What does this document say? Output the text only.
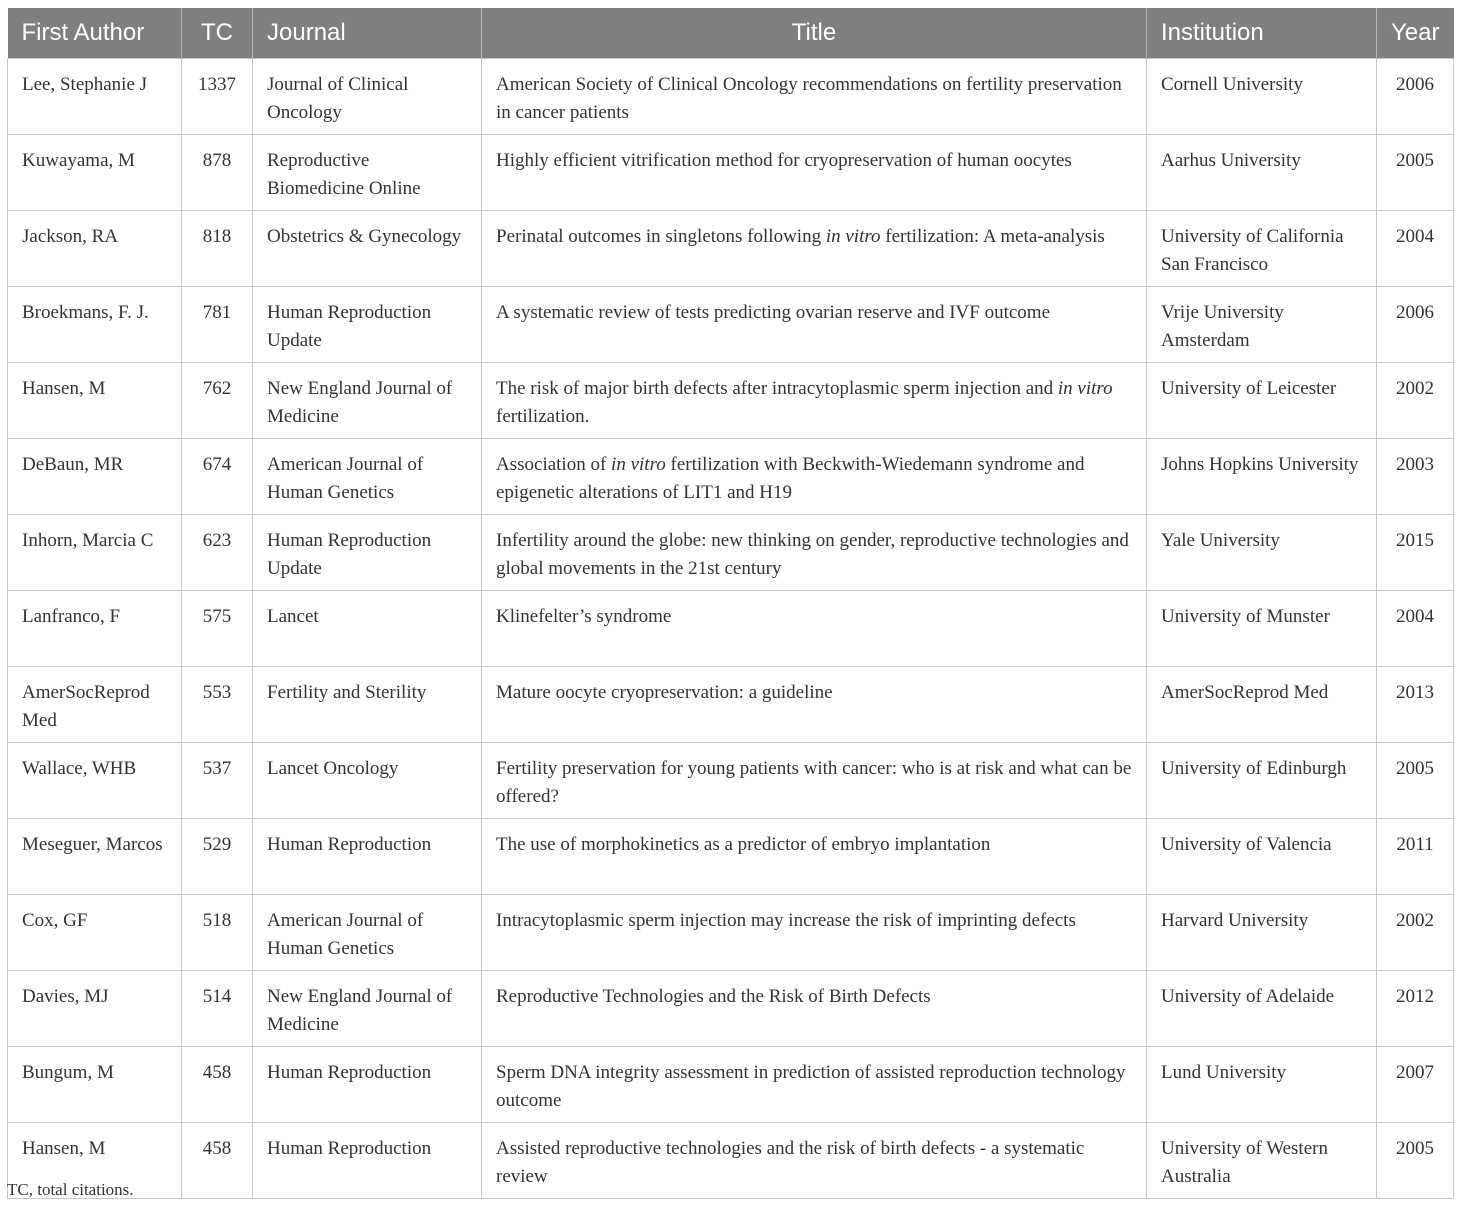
First Author	TC	Journal	Title	Institution	Year
Lee, Stephanie J	1337	Journal of Clinical Oncology	American Society of Clinical Oncology recommendations on fertility preservation in cancer patients	Cornell University	2006
Kuwayama, M	878	Reproductive Biomedicine Online	Highly efficient vitrification method for cryopreservation of human oocytes	Aarhus University	2005
Jackson, RA	818	Obstetrics & Gynecology	Perinatal outcomes in singletons following in vitro fertilization: A meta-analysis	University of California San Francisco	2004
Broekmans, F. J.	781	Human Reproduction Update	A systematic review of tests predicting ovarian reserve and IVF outcome	Vrije University Amsterdam	2006
Hansen, M	762	New England Journal of Medicine	The risk of major birth defects after intracytoplasmic sperm injection and in vitro fertilization.	University of Leicester	2002
DeBaun, MR	674	American Journal of Human Genetics	Association of in vitro fertilization with Beckwith-Wiedemann syndrome and epigenetic alterations of LIT1 and H19	Johns Hopkins University	2003
Inhorn, Marcia C	623	Human Reproduction Update	Infertility around the globe: new thinking on gender, reproductive technologies and global movements in the 21st century	Yale University	2015
Lanfranco, F	575	Lancet	Klinefelter’s syndrome	University of Munster	2004
AmerSocReprod Med	553	Fertility and Sterility	Mature oocyte cryopreservation: a guideline	AmerSocReprod Med	2013
Wallace, WHB	537	Lancet Oncology	Fertility preservation for young patients with cancer: who is at risk and what can be offered?	University of Edinburgh	2005
Meseguer, Marcos	529	Human Reproduction	The use of morphokinetics as a predictor of embryo implantation	University of Valencia	2011
Cox, GF	518	American Journal of Human Genetics	Intracytoplasmic sperm injection may increase the risk of imprinting defects	Harvard University	2002
Davies, MJ	514	New England Journal of Medicine	Reproductive Technologies and the Risk of Birth Defects	University of Adelaide	2012
Bungum, M	458	Human Reproduction	Sperm DNA integrity assessment in prediction of assisted reproduction technology outcome	Lund University	2007
Hansen, M	458	Human Reproduction	Assisted reproductive technologies and the risk of birth defects - a systematic review	University of Western Australia	2005
TC, total citations.
